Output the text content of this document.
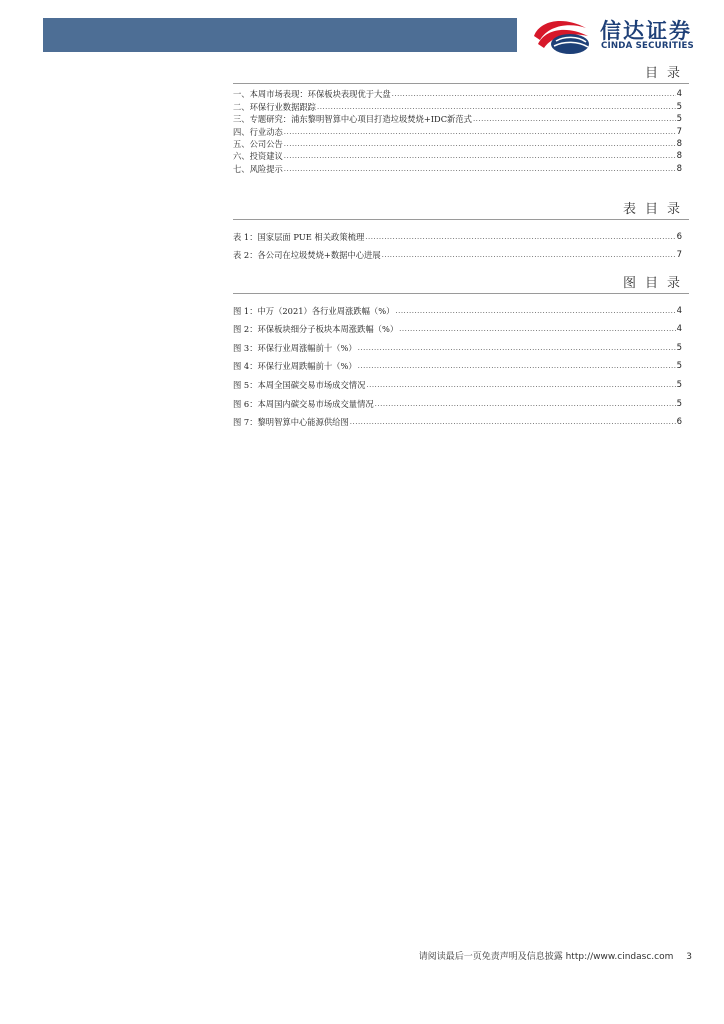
信达证券
CINDA SECURITIES
目录
一、本周市场表现：环保板块表现优于大盘 .....	4
二、环保行业数据跟踪 .....	5
三、专题研究：浦东黎明智算中心项目打造垃圾焚烧+IDC新范式 .....	5
四、行业动态 .....	7
五、公司公告 .....	8
六、投资建议 .....	8
七、风险提示 .....	8
表目录
表 1：国家层面 PUE 相关政策梳理 .....	6
表 2：各公司在垃圾焚烧+数据中心进展 .....	7
图目录
图 1：中万（2021）各行业周涨跌幅（%） .....	4
图 2：环保板块细分子板块本周涨跌幅（%） .....	4
图 3：环保行业周涨幅前十（%） .....	5
图 4：环保行业周跌幅前十（%） .....	5
图 5：本周全国碳交易市场成交情况 .....	5
图 6：本周国内碳交易市场成交量情况 .....	5
图 7：黎明智算中心能源供给图 .....	6
请阅读最后一页免责声明及信息披露 http://www.cindasc.com 3
